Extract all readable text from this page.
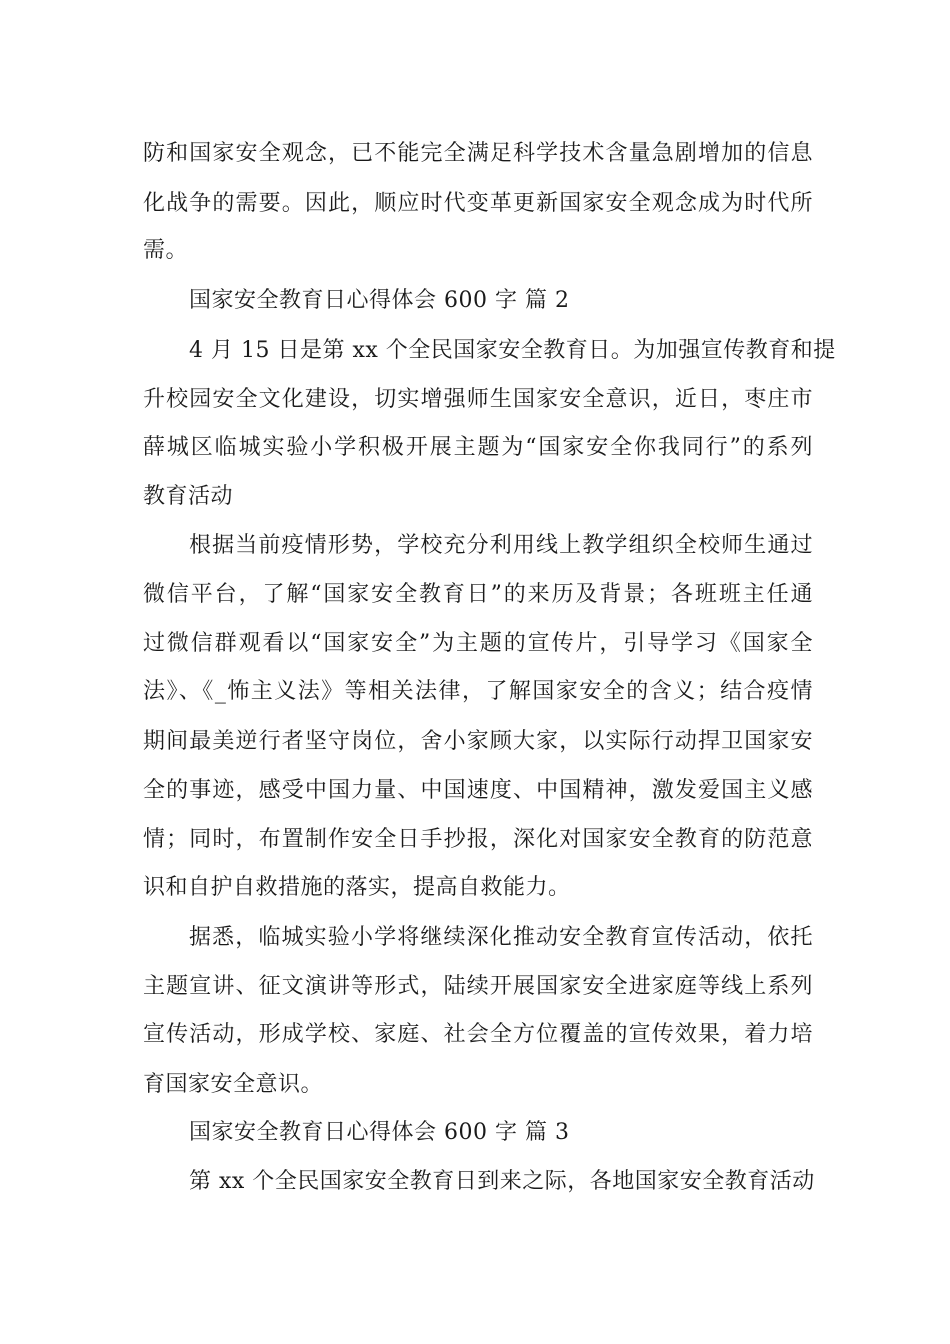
防和国家安全观念，已不能完全满足科学技术含量急剧增加的信息
化战争的需要。因此，顺应时代变革更新国家安全观念成为时代所
需。
国家安全教育日心得体会 600 字 篇 2
4 月 15 日是第 xx 个全民国家安全教育日。为加强宣传教育和提
升校园安全文化建设，切实增强师生国家安全意识，近日，枣庄市
薛城区临城实验小学积极开展主题为“国家安全你我同行”的系列
教育活动
根据当前疫情形势，学校充分利用线上教学组织全校师生通过
微信平台，了解“国家安全教育日”的来历及背景；各班班主任通
过微信群观看以“国家安全”为主题的宣传片，引导学习《国家全
法》、《_怖主义法》等相关法律，了解国家安全的含义；结合疫情
期间最美逆行者坚守岗位，舍小家顾大家，以实际行动捍卫国家安
全的事迹，感受中国力量、中国速度、中国精神，激发爱国主义感
情；同时，布置制作安全日手抄报，深化对国家安全教育的防范意
识和自护自救措施的落实，提高自救能力。
据悉，临城实验小学将继续深化推动安全教育宣传活动，依托
主题宣讲、征文演讲等形式，陆续开展国家安全进家庭等线上系列
宣传活动，形成学校、家庭、社会全方位覆盖的宣传效果，着力培
育国家安全意识。
国家安全教育日心得体会 600 字 篇 3
第 xx 个全民国家安全教育日到来之际，各地国家安全教育活动
